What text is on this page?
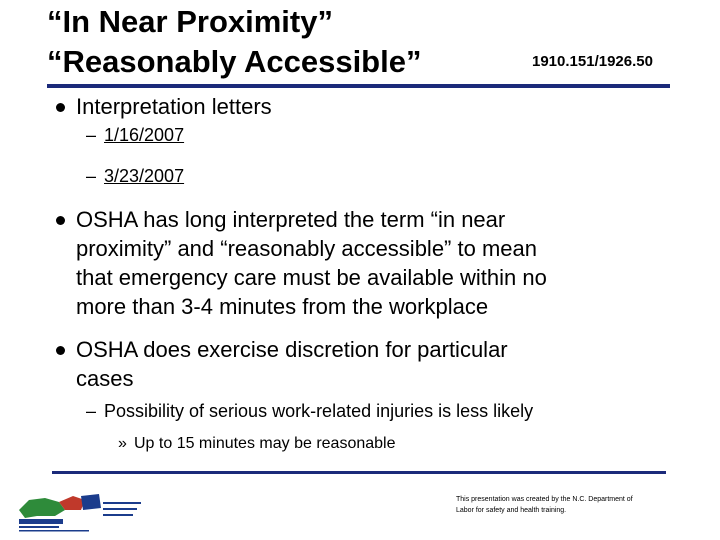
“In Near Proximity”
“Reasonably Accessible”	1910.151/1926.50
Interpretation letters
– 1/16/2007
– 3/23/2007
OSHA has long interpreted the term “in near
proximity” and “reasonably accessible” to mean
that emergency care must be available within no
more than 3-4 minutes from the workplace
OSHA does exercise discretion for particular
cases
– Possibility of serious work-related injuries is less likely
» Up to 15 minutes may be reasonable
This presentation was created by the N.C. Department of
Labor for safety and health training.
